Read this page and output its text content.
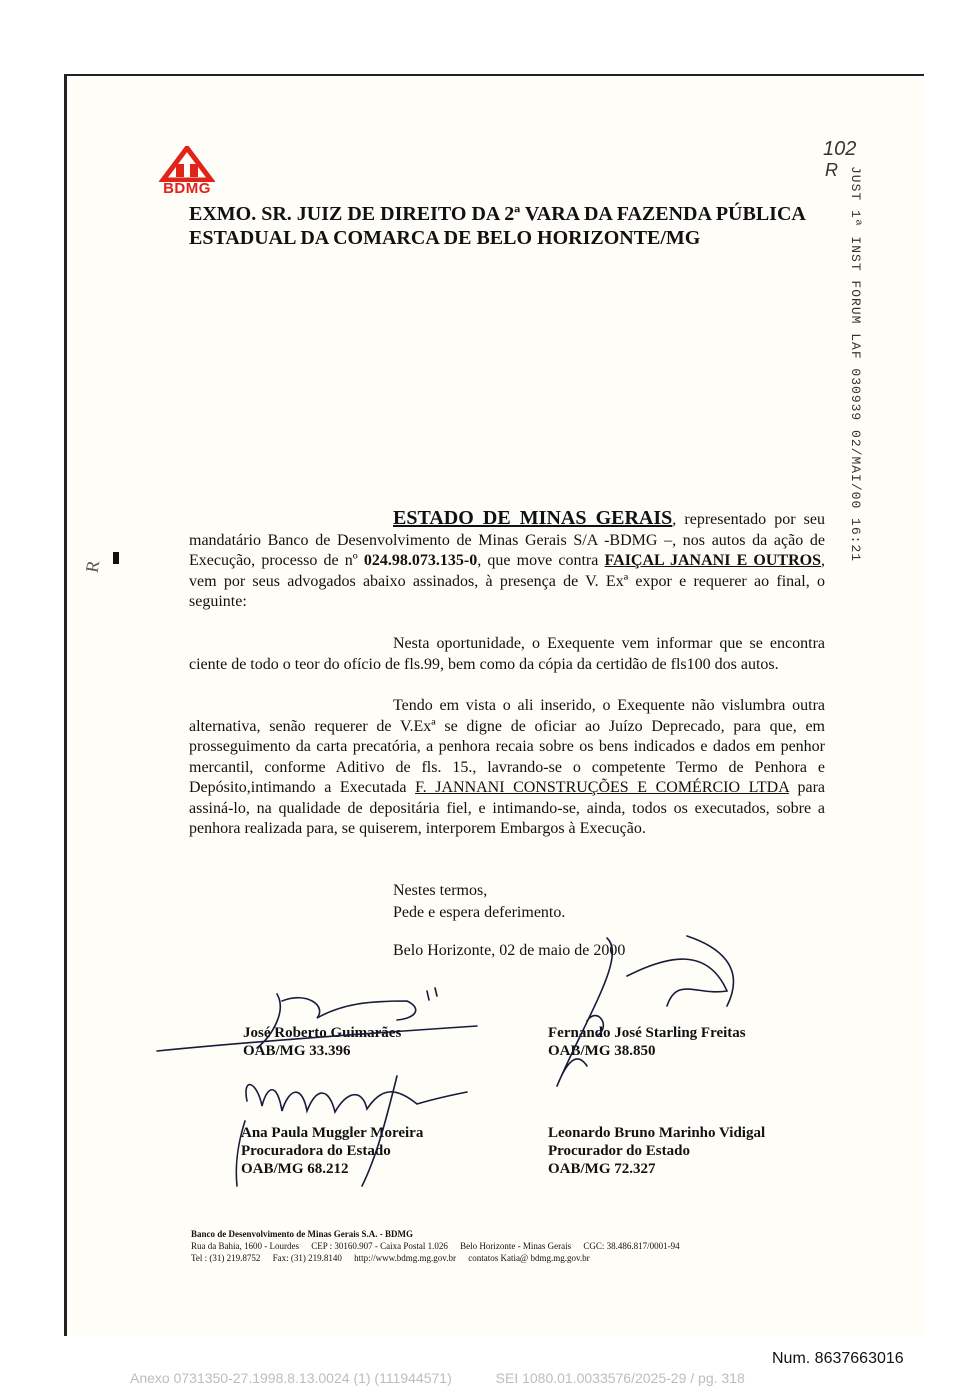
BDMG
102
R JUST 1ª INST FORUM LAF 030939 02/MAI/00 16:21
EXMO. SR. JUIZ DE DIREITO DA 2ª VARA DA FAZENDA PÚBLICA
ESTADUAL DA COMARCA DE BELO HORIZONTE/MG
R
ESTADO DE MINAS GERAIS, representado por seu mandatário Banco de Desenvolvimento de Minas Gerais S/A -BDMG –, nos autos da ação de Execução, processo de nº 024.98.073.135-0, que move contra FAIÇAL JANANI E OUTROS, vem por seus advogados abaixo assinados, à presença de V. Exª expor e requerer ao final, o seguinte:
Nesta oportunidade, o Exequente vem informar que se encontra ciente de todo o teor do ofício de fls.99, bem como da cópia da certidão de fls100 dos autos.
Tendo em vista o ali inserido, o Exequente não vislumbra outra alternativa, senão requerer de V.Exª se digne de oficiar ao Juízo Deprecado, para que, em prosseguimento da carta precatória, a penhora recaia sobre os bens indicados e dados em penhor mercantil, conforme Aditivo de fls. 15., lavrando-se o competente Termo de Penhora e Depósito,intimando a Executada F. JANNANI CONSTRUÇÕES E COMÉRCIO LTDA para assiná-lo, na qualidade de depositária fiel, e intimando-se, ainda, todos os executados, sobre a penhora realizada para, se quiserem, interporem Embargos à Execução.
Nestes termos,
Pede e espera deferimento.
Belo Horizonte, 02 de maio de 2000
José Roberto Guimarães
OAB/MG 33.396
Fernando José Starling Freitas
OAB/MG 38.850
Ana Paula Muggler Moreira
Procuradora do Estado
OAB/MG 68.212
Leonardo Bruno Marinho Vidigal
Procurador do Estado
OAB/MG 72.327
Banco de Desenvolvimento de Minas Gerais S.A. - BDMG
Rua da Bahia, 1600 - Lourdes CEP : 30160.907 - Caixa Postal 1.026 Belo Horizonte - Minas Gerais CGC: 38.486.817/0001-94
Tel : (31) 219.8752 Fax: (31) 219.8140 http://www.bdmg.mg.gov.br contatos Katia@ bdmg.mg.gov.br
Num. 8637663016
Anexo 0731350-27.1998.8.13.0024 (1) (111944571)	SEI 1080.01.0033576/2025-29 / pg. 318
